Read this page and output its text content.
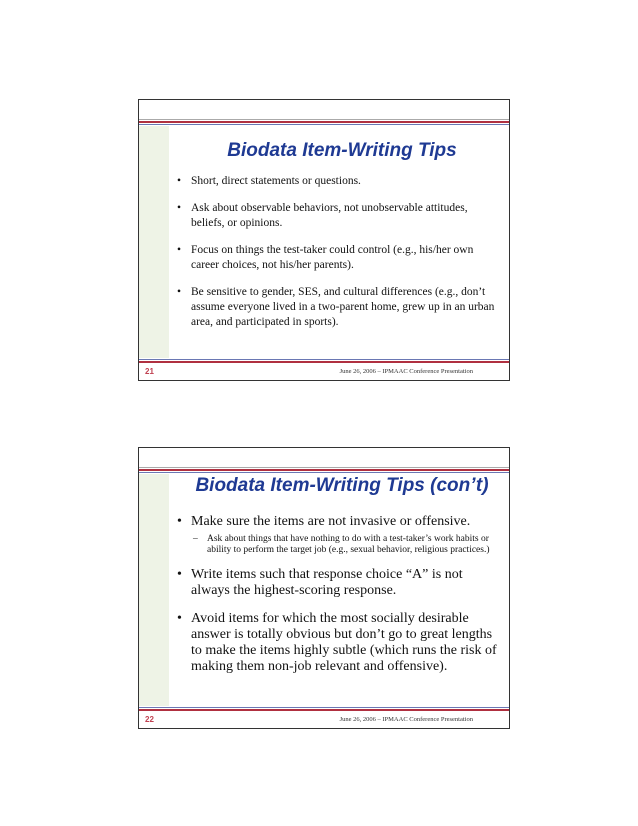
Biodata Item-Writing Tips
• Short, direct statements or questions.
• Ask about observable behaviors, not unobservable attitudes, beliefs, or opinions.
• Focus on things the test-taker could control (e.g., his/her own career choices, not his/her parents).
• Be sensitive to gender, SES, and cultural differences (e.g., don’t assume everyone lived in a two-parent home, grew up in an urban area, and participated in sports).
21	June 26, 2006 – IPMAAC Conference Presentation
Biodata Item-Writing Tips (con’t)
• Make sure the items are not invasive or offensive.
– Ask about things that have nothing to do with a test-taker’s work habits or ability to perform the target job (e.g., sexual behavior, religious practices.)
• Write items such that response choice “A” is not always the highest-scoring response.
• Avoid items for which the most socially desirable answer is totally obvious but don’t go to great lengths to make the items highly subtle (which runs the risk of making them non-job relevant and offensive).
22	June 26, 2006 – IPMAAC Conference Presentation
